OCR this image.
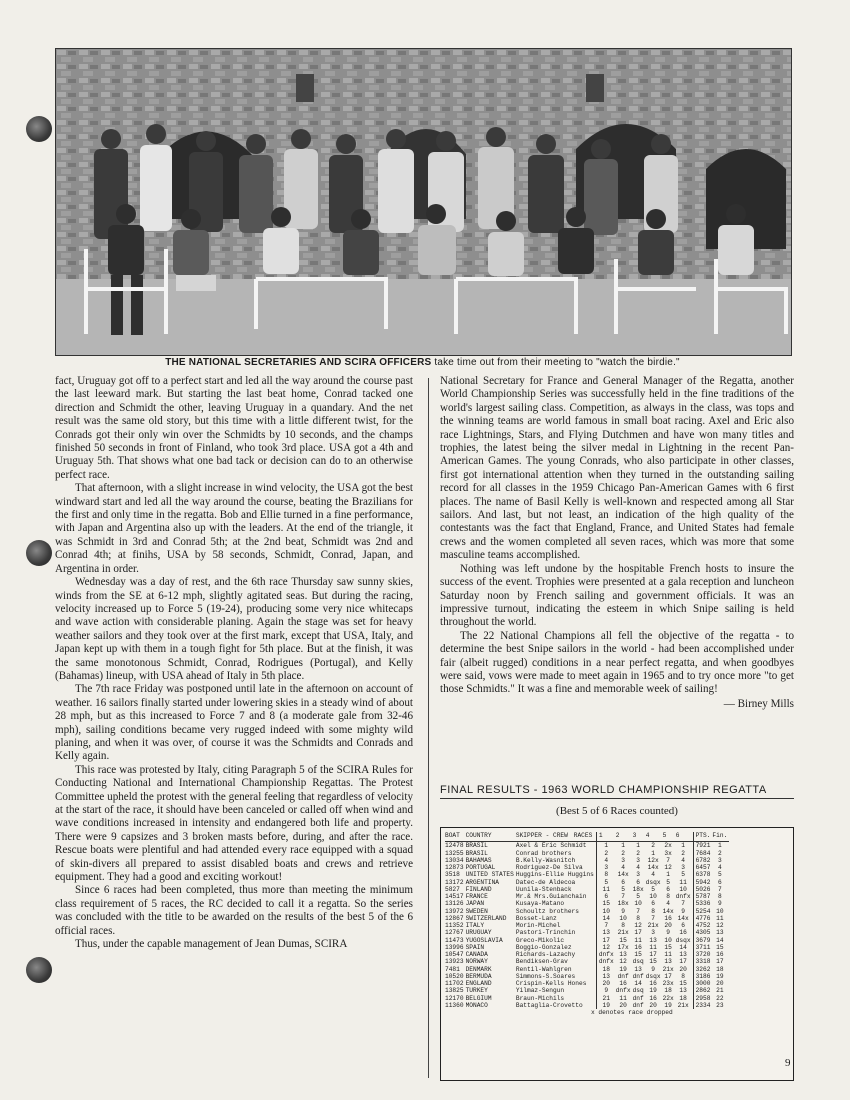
THE NATIONAL SECRETARIES AND SCIRA OFFICERS take time out from their meeting to "watch the birdie."

fact, Uruguay got off to a perfect start and led all the way around the course past the last leeward mark. But starting the last beat home, Conrad tacked one direction and Schmidt the other, leaving Uruguay in a quandary. And the net result was the same old story, but this time with a little different twist, for the Conrads got their only win over the Schmidts by 10 seconds, and the champs finished 50 seconds in front of Finland, who took 3rd place. USA got a 4th and Uruguay 5th. That shows what one bad tack or decision can do to an otherwise perfect race.

That afternoon, with a slight increase in wind velocity, the USA got the best windward start and led all the way around the course, beating the Brazilians for the first and only time in the regatta. Bob and Ellie turned in a fine performance, with Japan and Argentina also up with the leaders. At the end of the triangle, it was Schmidt in 3rd and Conrad 5th; at the 2nd beat, Schmidt was 2nd and Conrad 4th; at finihs, USA by 58 seconds, Schmidt, Conrad, Japan, and Argentina in order.

Wednesday was a day of rest, and the 6th race Thursday saw sunny skies, winds from the SE at 6-12 mph, slightly agitated seas. But during the racing, velocity increased up to Force 5 (19-24), producing some very nice whitecaps and wave action with considerable planing. Again the stage was set for heavy weather sailors and they took over at the first mark, except that USA, Italy, and Japan kept up with them in a tough fight for 5th place. But at the finish, it was the same monotonous Schmidt, Conrad, Rodrigues (Portugal), and Kelly (Bahamas) lineup, with USA ahead of Italy in 5th place.

The 7th race Friday was postponed until late in the afternoon on account of weather. 16 sailors finally started under lowering skies in a steady wind of about 28 mph, but as this increased to Force 7 and 8 (a moderate gale from 32-46 mph), sailing conditions became very rugged indeed with some mighty wild planing, and when it was over, of course it was the Schmidts and Conrads and Kelly again.

This race was protested by Italy, citing Paragraph 5 of the SCIRA Rules for Conducting National and International Championship Regattas. The Protest Committee upheld the protest with the general feeling that regardless of velocity at the start of the race, it should have been canceled or called off when wind and wave conditions increased in intensity and endangered both life and property. There were 9 capsizes and 3 broken masts before, during, and after the race. Rescue boats were plentiful and had attended every race equipped with a squad of skin-divers all prepared to assist disabled boats and crews and retrieve equipment. They had a good and exciting workout!

Since 6 races had been completed, thus more than meeting the minimum class requirement of 5 races, the RC decided to call it a regatta. So the series was concluded with the title to be awarded on the results of the best 5 of the 6 official races.

Thus, under the capable management of Jean Dumas, SCIRA

National Secretary for France and General Manager of the Regatta, another World Championship Series was successfully held in the fine traditions of the world's largest sailing class. Competition, as always in the class, was tops and the winning teams are world famous in small boat racing. Axel and Eric also race Lightnings, Stars, and Flying Dutchmen and have won many titles and trophies, the latest being the silver medal in Lightning in the recent Pan-American Games. The young Conrads, who also participate in other classes, first got international attention when they turned in the outstanding sailing record for all classes in the 1959 Chicago Pan-American Games with 6 first places. The name of Basil Kelly is well-known and respected among all Star sailors. And last, but not least, an indication of the high quality of the contestants was the fact that England, France, and United States had female crews and the women completed all seven races, which was more that some masculine teams accomplished.

Nothing was left undone by the hospitable French hosts to insure the success of the event. Trophies were presented at a gala reception and luncheon Saturday noon by French sailing and government officials. It was an impressive turnout, indicating the esteem in which Snipe sailing is held throughout the world.

The 22 National Champions all fell the objective of the regatta - to determine the best Snipe sailors in the world - had been accomplished under fair (albeit rugged) conditions in a near perfect regatta, and when goodbyes were said, vows were made to meet again in 1965 and to try once more "to get those Schmidts." It was a fine and memorable week of sailing!

— Birney Mills
FINAL RESULTS - 1963 WORLD CHAMPIONSHIP REGATTA
(Best 5 of 6 Races counted)
BOAT	COUNTRY	SKIPPER - CREW	RACES	1	2	3	4	5	6	PTS.	Fin.
12478	BRASIL	Axel & Eric Schmidt		1	1	1	2	2x	1	7921	1
13255	BRASIL	Conrad brothers		2	2	2	1	3x	2	7684	2
13034	BAHAMAS	B.Kelly-Wasnitch		4	3	3	12x	7	4	6782	3
12873	PORTUGAL	Rodriguez-De Silva		3	4	4	14x	12	3	6457	4
3518	UNITED STATES	Huggins-Ellie Huggins		8	14x	3	4	1	5	6378	5
13172	ARGENTINA	Datec-de Aldecoa		5	6	6	dsqx	5	11	5942	6
5827	FINLAND	Uunila-Stenback		11	5	18x	5	6	10	5026	7
14517	FRANCE	Mr.& Mrs.Guianchain		6	7	5	10	8	dnfx	5787	8
13126	JAPAN	Kusaya-Matano		15	18x	10	6	4	7	5336	9
13972	SWEDEN	Schoultz brothers		10	9	7	8	14x	9	5254	10
12867	SWITZERLAND	Bosset-Lanz		14	10	8	7	16	14x	4776	11
11352	ITALY	Morin-Michel		7	8	12	21x	20	6	4752	12
12767	URUGUAY	Pastori-Trinchin		13	21x	17	3	9	16	4305	13
11473	YUGOSLAVIA	Greco-Mikolic		17	15	11	13	10	dsqx	3679	14
13996	SPAIN	Boggio-Gonzalez		12	17x	16	11	15	14	3711	15
10547	CANADA	Richards-Lazachy		dnfx	13	15	17	11	13	3720	16
13923	NORWAY	Bendiksen-Grav		dnfx	12	dsq	15	13	17	3318	17
7481	DENMARK	Rentil-Wahlgren		18	19	13	9	21x	20	3262	18
10520	BERMUDA	Simmons-S.Soares		13	dnf	dnf	dsqx	17	8	3186	19
11702	ENGLAND	Crispin-Kells Hones		20	16	14	16	23x	15	3000	20
13825	TURKEY	Yilmaz-Sengun		9	dnfx	dsq	19	18	13	2862	21
12170	BELGIUM	Braun-Michils		21	11	dnf	16	22x	18	2958	22
11360	MONACO	Battaglia-Crovetto		19	20	dnf	20	19	21x	2334	23
x denotes race dropped
9
